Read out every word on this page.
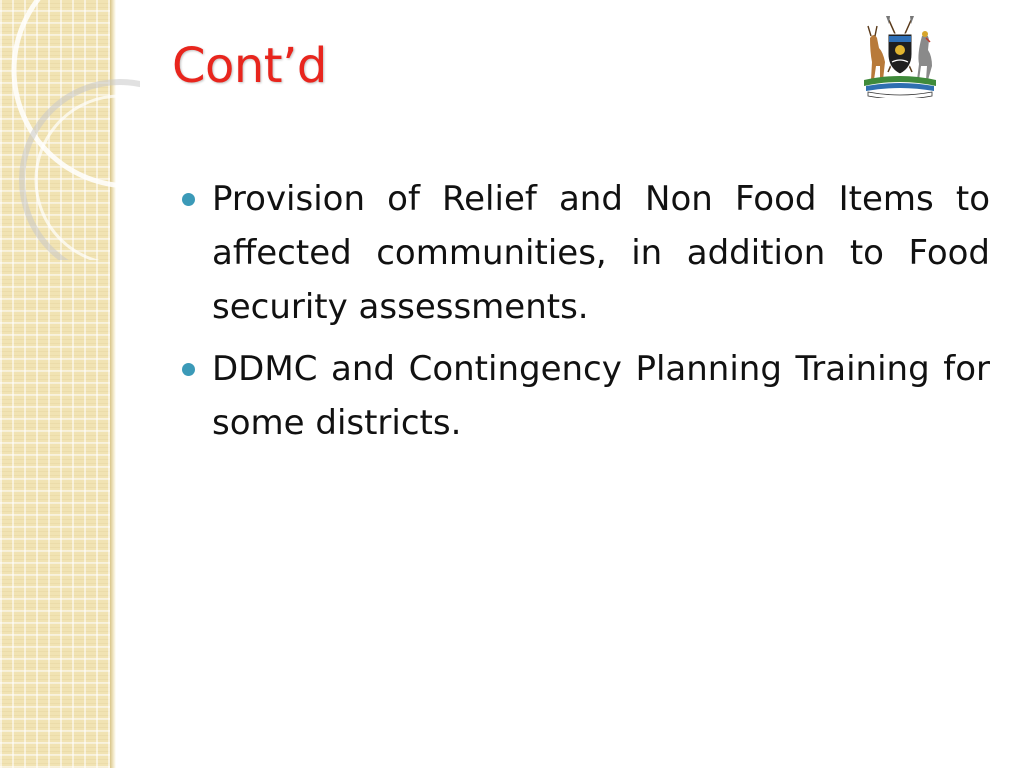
Cont’d
Provision of Relief and Non Food Items to affected communities, in addition to Food security assessments.
DDMC and Contingency Planning Training for some districts.
